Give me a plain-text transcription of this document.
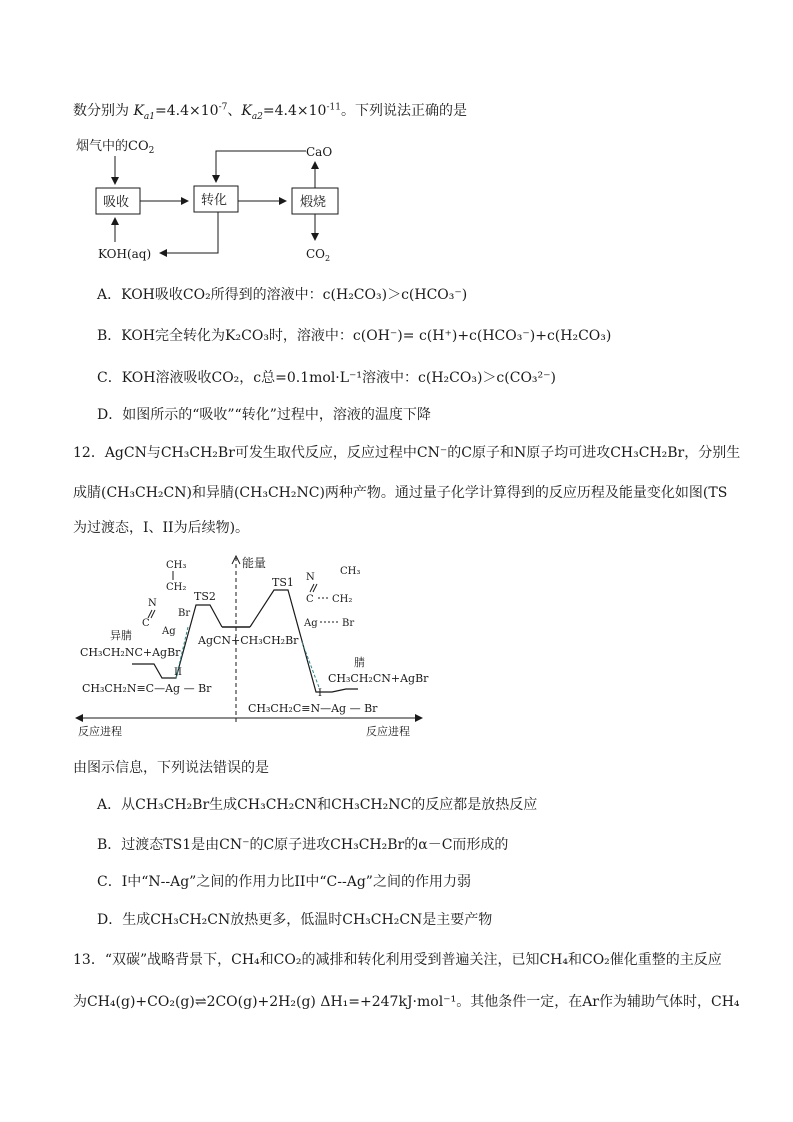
数分别为 $K_{a1}=4.4\times 10^{-7}$、$K_{a2}=4.4\times 10^{-11}$。下列说法正确的是
烟气中的$CO_2$
吸收	转化	煅烧
CaO
$CO_2$
KOH(aq)
A．KOH吸收CO₂所得到的溶液中：c(H₂CO₃)＞c(HCO₃⁻)
B．KOH完全转化为K₂CO₃时，溶液中：c(OH⁻)= c(H⁺)+c(HCO₃⁻)+c(H₂CO₃)
C．KOH溶液吸收CO₂，c总=0.1mol·L⁻¹溶液中：c(H₂CO₃)＞c(CO₃²⁻)
D．如图所示的“吸收”“转化”过程中，溶液的温度下降
12．AgCN与CH₃CH₂Br可发生取代反应，反应过程中CN⁻的C原子和N原子均可进攻CH₃CH₂Br，分别生
成腈(CH₃CH₂CN)和异腈(CH₃CH₂NC)两种产物。通过量子化学计算得到的反应历程及能量变化如图(TS
为过渡态，I、II为后续物)。
能量
反应进程	反应进程
AgCN+CH₃CH₂Br
TS2
II
CH₃CH₂N≡C—Ag — Br
异腈
CH₃CH₂NC+AgBr
CH₃
CH₂
Br
N
C
Ag
TS1
I
CH₃CH₂C≡N—Ag — Br
腈
CH₃CH₂CN+AgBr
N
C
CH₃
CH₂
Ag Br
由图示信息，下列说法错误的是
A．从CH₃CH₂Br生成CH₃CH₂CN和CH₃CH₂NC的反应都是放热反应
B．过渡态TS1是由CN⁻的C原子进攻CH₃CH₂Br的α－C而形成的
C．I中“N--Ag”之间的作用力比II中“C--Ag”之间的作用力弱
D．生成CH₃CH₂CN放热更多，低温时CH₃CH₂CN是主要产物
13．“双碳”战略背景下，CH₄和CO₂的减排和转化利用受到普遍关注，已知CH₄和CO₂催化重整的主反应
为CH₄(g)+CO₂(g)⇌2CO(g)+2H₂(g) ΔH₁=+247kJ·mol⁻¹。其他条件一定，在Ar作为辅助气体时，CH₄
